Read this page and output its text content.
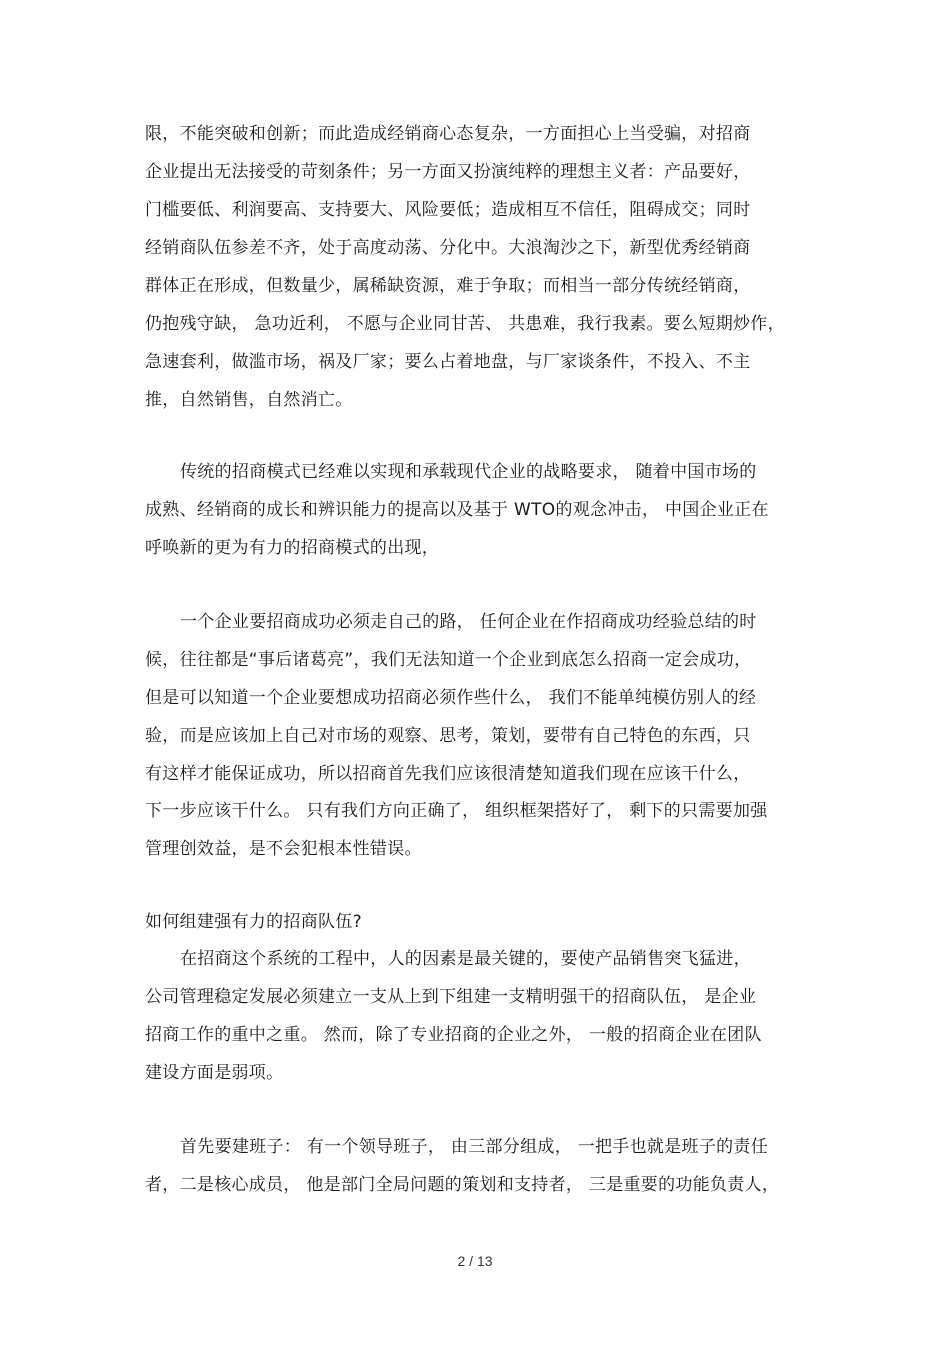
限，不能突破和创新；而此造成经销商心态复杂，一方面担心上当受骗，对招商
企业提出无法接受的苛刻条件；另一方面又扮演纯粹的理想主义者：产品要好，
门槛要低、利润要高、支持要大、风险要低；造成相互不信任，阻碍成交；同时
经销商队伍参差不齐，处于高度动荡、分化中。大浪淘沙之下，新型优秀经销商
群体正在形成，但数量少，属稀缺资源，难于争取；而相当一部分传统经销商，
仍抱残守缺， 急功近利， 不愿与企业同甘苦、 共患难，我行我素。要么短期炒作，
急速套利，做滥市场，祸及厂家；要么占着地盘，与厂家谈条件，不投入、不主
推，自然销售，自然消亡。
传统的招商模式已经难以实现和承载现代企业的战略要求， 随着中国市场的
成熟、经销商的成长和辨识能力的提高以及基于 WTO的观念冲击， 中国企业正在
呼唤新的更为有力的招商模式的出现，
一个企业要招商成功必须走自己的路， 任何企业在作招商成功经验总结的时
候，往往都是“事后诸葛亮”，我们无法知道一个企业到底怎么招商一定会成功，
但是可以知道一个企业要想成功招商必须作些什么， 我们不能单纯模仿别人的经
验，而是应该加上自己对市场的观察、思考，策划，要带有自己特色的东西，只
有这样才能保证成功，所以招商首先我们应该很清楚知道我们现在应该干什么，
下一步应该干什么。 只有我们方向正确了， 组织框架搭好了， 剩下的只需要加强
管理创效益，是不会犯根本性错误。
如何组建强有力的招商队伍?
在招商这个系统的工程中，人的因素是最关键的，要使产品销售突飞猛进，
公司管理稳定发展必须建立一支从上到下组建一支精明强干的招商队伍， 是企业
招商工作的重中之重。 然而，除了专业招商的企业之外， 一般的招商企业在团队
建设方面是弱项。
首先要建班子： 有一个领导班子， 由三部分组成， 一把手也就是班子的责任
者，二是核心成员， 他是部门全局问题的策划和支持者， 三是重要的功能负责人，
2 / 13
